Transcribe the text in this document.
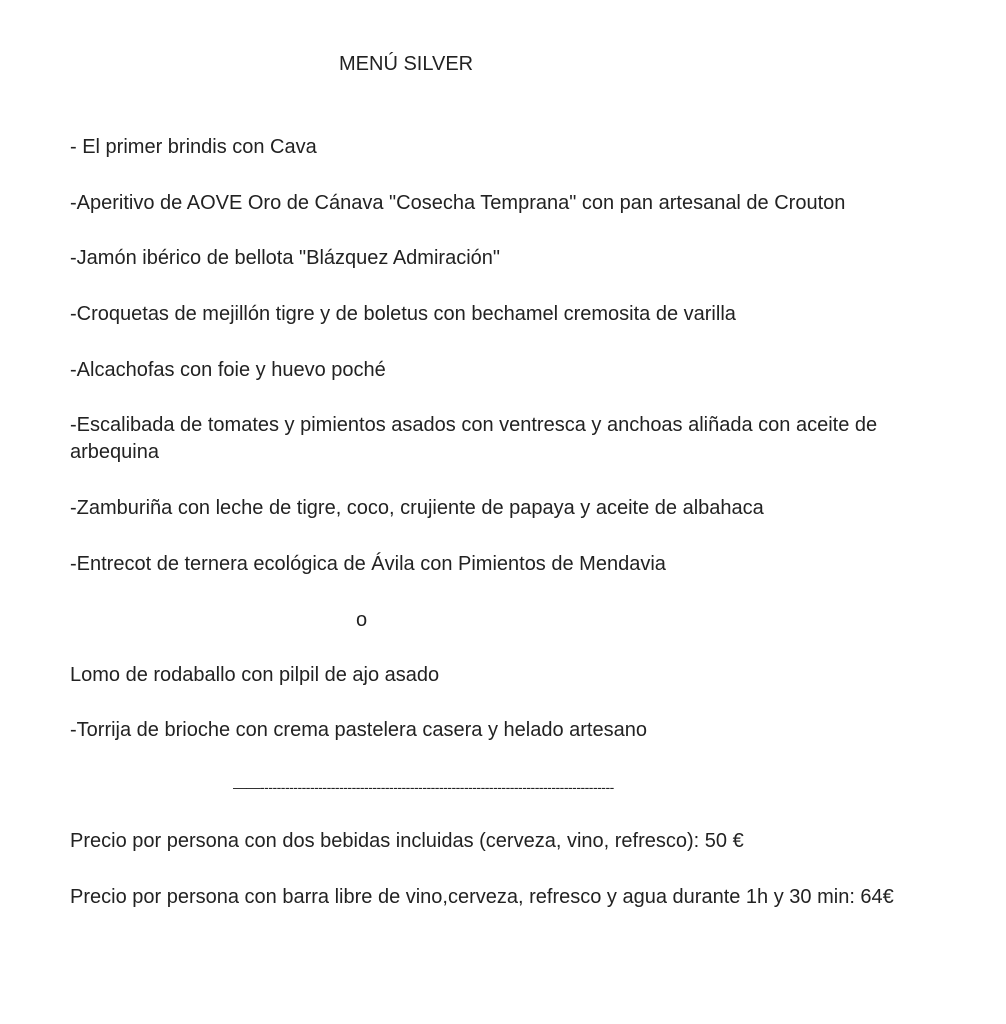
MENÚ SILVER
- El primer brindis con Cava
-Aperitivo de AOVE Oro de Cánava "Cosecha Temprana" con pan artesanal de Crouton
-Jamón ibérico de bellota "Blázquez Admiración"
-Croquetas de mejillón tigre y de boletus con bechamel cremosita de varilla
-Alcachofas con foie y huevo poché
-Escalibada de tomates y pimientos asados con ventresca y anchoas aliñada con aceite de arbequina
-Zamburiña con leche de tigre, coco, crujiente de papaya y aceite de albahaca
-Entrecot de ternera ecológica de Ávila con Pimientos de Mendavia
o
Lomo de rodaballo con pilpil de ajo asado
-Torrija de brioche con crema pastelera casera y helado artesano
——-------------------------------------------------------------------------------------
Precio por persona con dos bebidas incluidas (cerveza, vino, refresco): 50 €
Precio por persona con barra libre de vino,cerveza, refresco y agua durante 1h y 30 min: 64€
